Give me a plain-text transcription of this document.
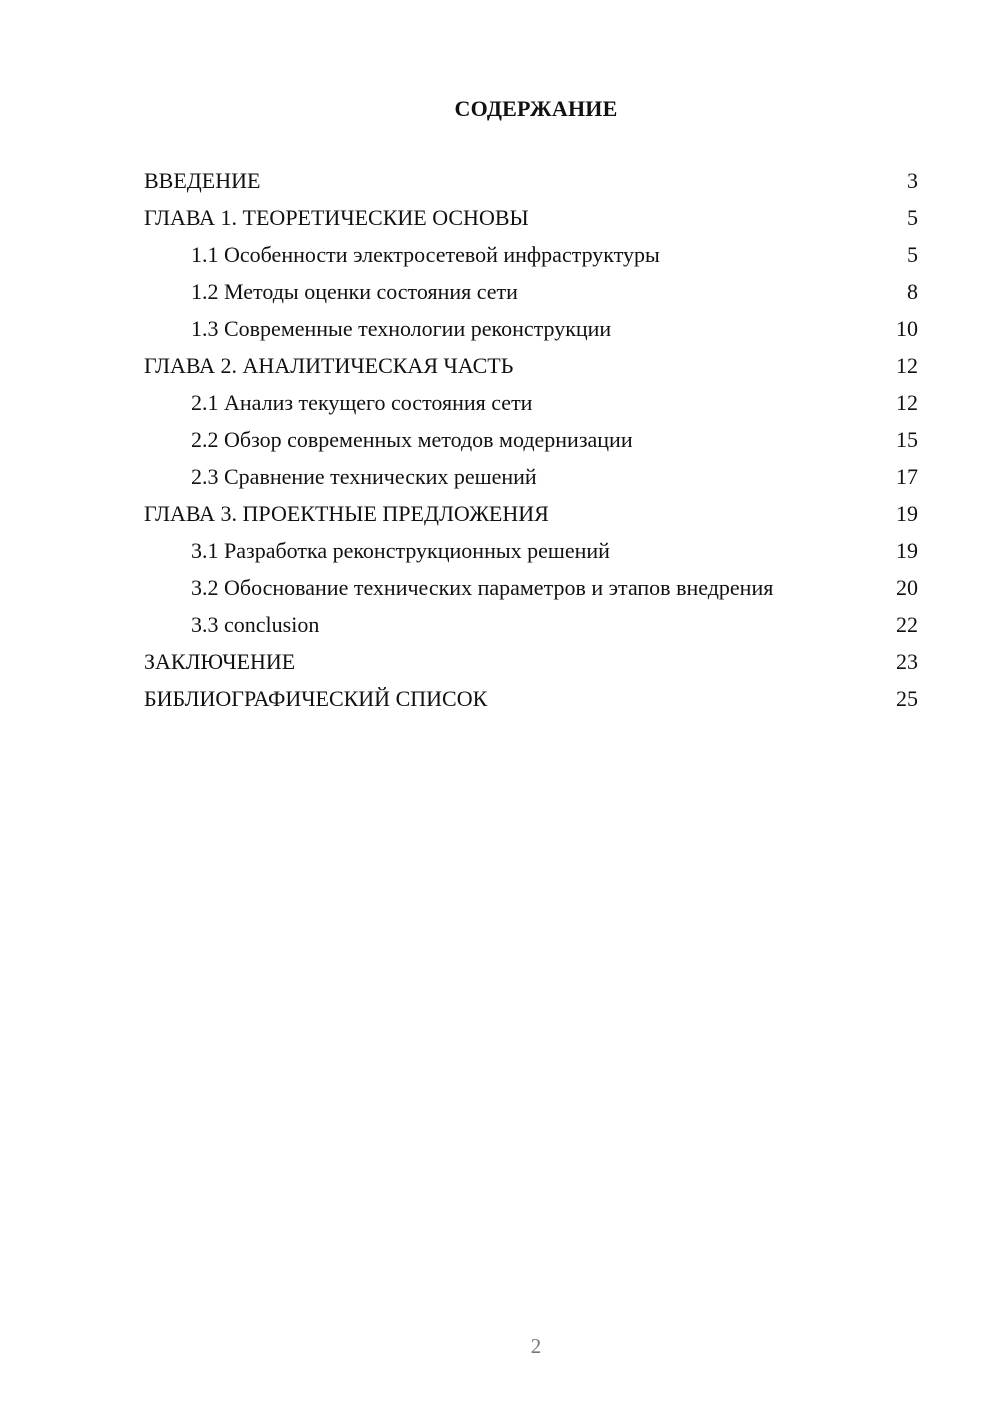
СОДЕРЖАНИЕ
ВВЕДЕНИЕ	3
ГЛАВА 1. ТЕОРЕТИЧЕСКИЕ ОСНОВЫ	5
1.1 Особенности электросетевой инфраструктуры	5
1.2 Методы оценки состояния сети	8
1.3 Современные технологии реконструкции	10
ГЛАВА 2. АНАЛИТИЧЕСКАЯ ЧАСТЬ	12
2.1 Анализ текущего состояния сети	12
2.2 Обзор современных методов модернизации	15
2.3 Сравнение технических решений	17
ГЛАВА 3. ПРОЕКТНЫЕ ПРЕДЛОЖЕНИЯ	19
3.1 Разработка реконструкционных решений	19
3.2 Обоснование технических параметров и этапов внедрения	20
3.3 conclusion	22
ЗАКЛЮЧЕНИЕ	23
БИБЛИОГРАФИЧЕСКИЙ СПИСОК	25
2
